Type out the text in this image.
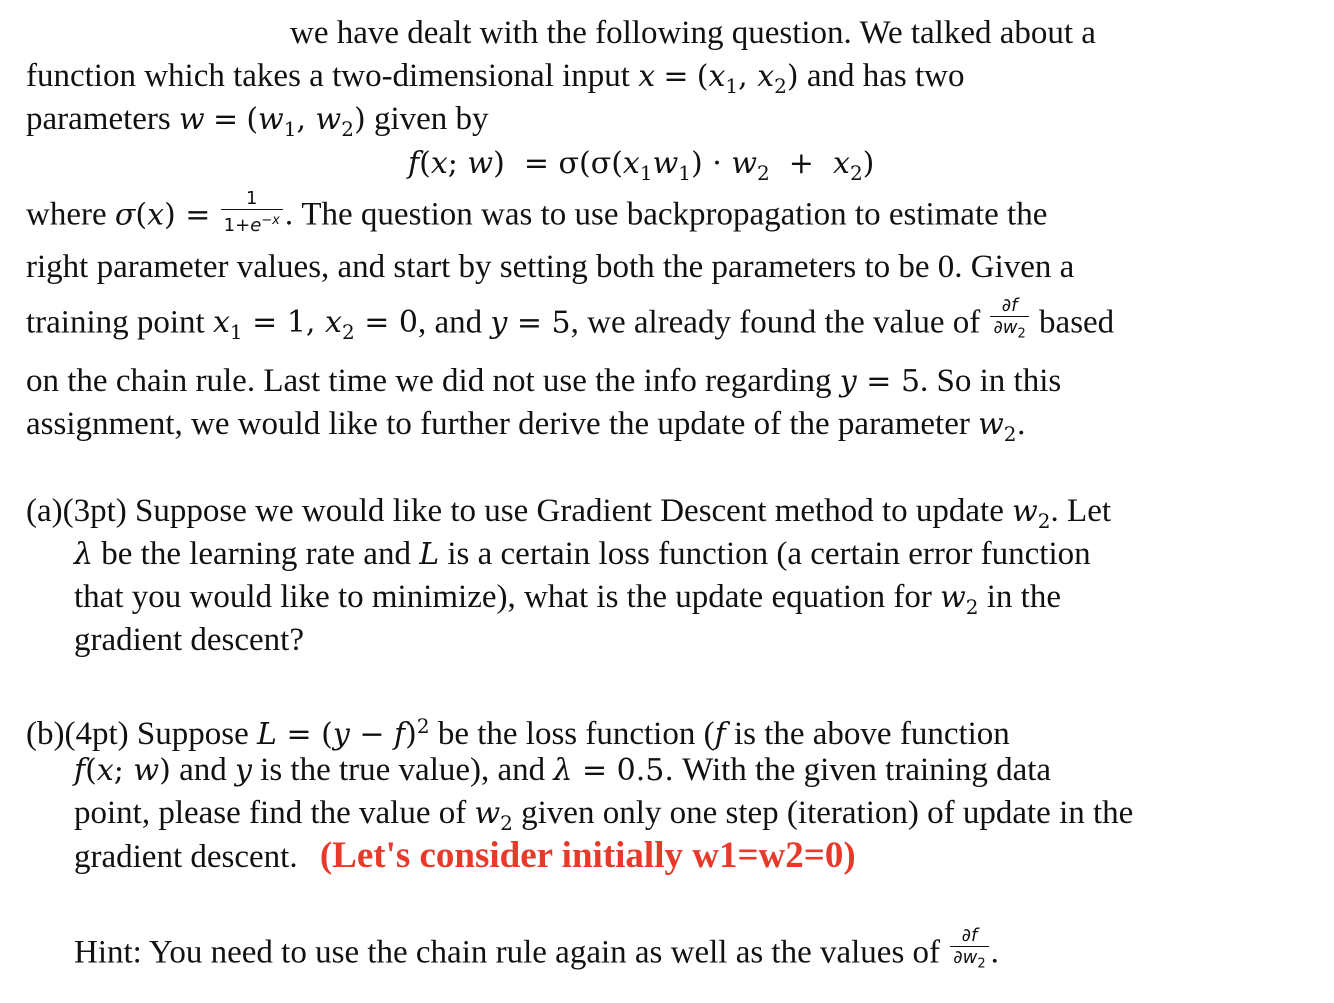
we have dealt with the following question. We talked about a
function which takes a two-dimensional input $x = (x_1$, $x_2$) and has two
parameters $w = (w_1$, $w_2$) given by
f(x; $w) = \sigma(\sigma(x_1w_1) \cdot w_2 + x_2)$
where $\sigma(x) = \frac{1}{1+e^{-x}}$ . The question was to use backpropagation to estimate the
right parameter values, and start by setting both the parameters to be 0. Given a
training point $x_1 = 1$, $x_2 = 0$, and y = 5, we already found the value of $\frac{\partial f}{\partial w_2}$ based
on the chain rule. Last time we did not use the info regarding y = 5. So in this
assignment, we would like to further derive the update of the parameter $w_2$.
(a)(3pt) Suppose we would like to use Gradient Descent method to update $w_2$. Let
λ be the learning rate and L is a certain loss function (a certain error function
that you would like to minimize), what is the update equation for $w_2$ in the
gradient descent?
(b)(4pt) Suppose $L = (y - f)^2$ be the loss function (f is the above function
f(x; w) and y is the true value), and λ = 0.5. With the given training data
point, please find the value of $w_2$ given only one step (iteration) of update in the
gradient descent. (Let's consider initially w1=w2=0)
Hint: You need to use the chain rule again as well as the values of $\frac{\partial f}{\partial w_2}$ .
